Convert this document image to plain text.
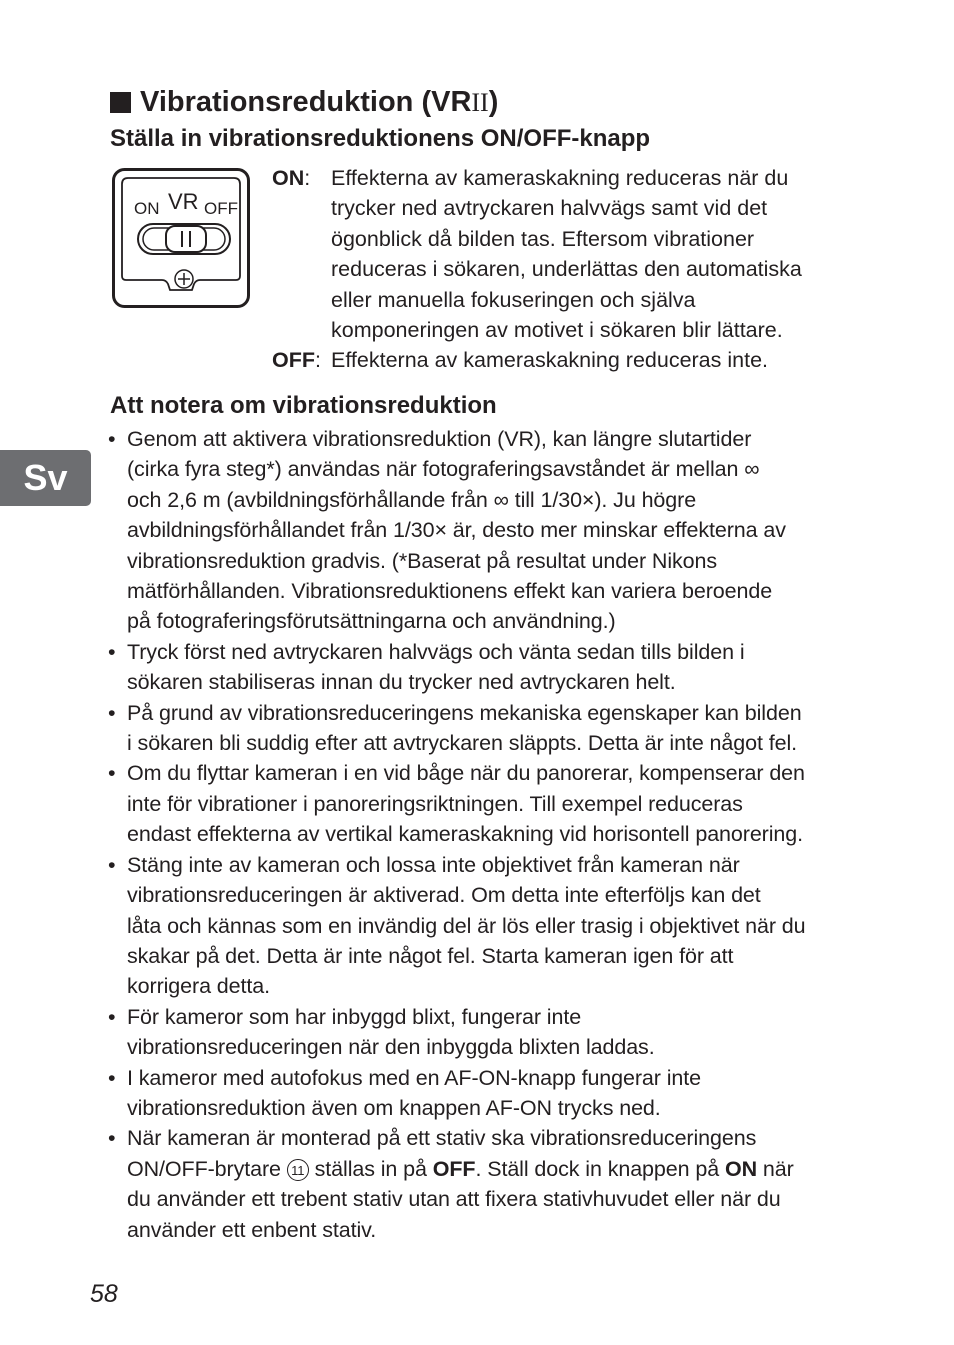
Vibrationsreduktion (VRII)
Ställa in vibrationsreduktionens ON/OFF-knapp
ON VR OFF
ON: Effekterna av kameraskakning reduceras när du
trycker ned avtryckaren halvvägs samt vid det
ögonblick då bilden tas. Eftersom vibrationer
reduceras i sökaren, underlättas den automatiska
eller manuella fokuseringen och själva
komponeringen av motivet i sökaren blir lättare.
OFF: Effekterna av kameraskakning reduceras inte.
Att notera om vibrationsreduktion
• Genom att aktivera vibrationsreduktion (VR), kan längre slutartider
(cirka fyra steg*) användas när fotograferingsavståndet är mellan ∞
och 2,6 m (avbildningsförhållande från ∞ till 1/30×). Ju högre
avbildningsförhållandet från 1/30× är, desto mer minskar effekterna av
vibrationsreduktion gradvis. (*Baserat på resultat under Nikons
mätförhållanden. Vibrationsreduktionens effekt kan variera beroende
på fotograferingsförutsättningarna och användning.)
• Tryck först ned avtryckaren halvvägs och vänta sedan tills bilden i
sökaren stabiliseras innan du trycker ned avtryckaren helt.
• På grund av vibrationsreduceringens mekaniska egenskaper kan bilden
i sökaren bli suddig efter att avtryckaren släppts. Detta är inte något fel.
• Om du flyttar kameran i en vid båge när du panorerar, kompenserar den
inte för vibrationer i panoreringsriktningen. Till exempel reduceras
endast effekterna av vertikal kameraskakning vid horisontell panorering.
• Stäng inte av kameran och lossa inte objektivet från kameran när
vibrationsreduceringen är aktiverad. Om detta inte efterföljs kan det
låta och kännas som en invändig del är lös eller trasig i objektivet när du
skakar på det. Detta är inte något fel. Starta kameran igen för att
korrigera detta.
• För kameror som har inbyggd blixt, fungerar inte
vibrationsreduceringen när den inbyggda blixten laddas.
• I kameror med autofokus med en AF-ON-knapp fungerar inte
vibrationsreduktion även om knappen AF-ON trycks ned.
• När kameran är monterad på ett stativ ska vibrationsreduceringens
ON/OFF-brytare 11 ställas in på OFF. Ställ dock in knappen på ON när
du använder ett trebent stativ utan att fixera stativhuvudet eller när du
använder ett enbent stativ.
Sv
58
